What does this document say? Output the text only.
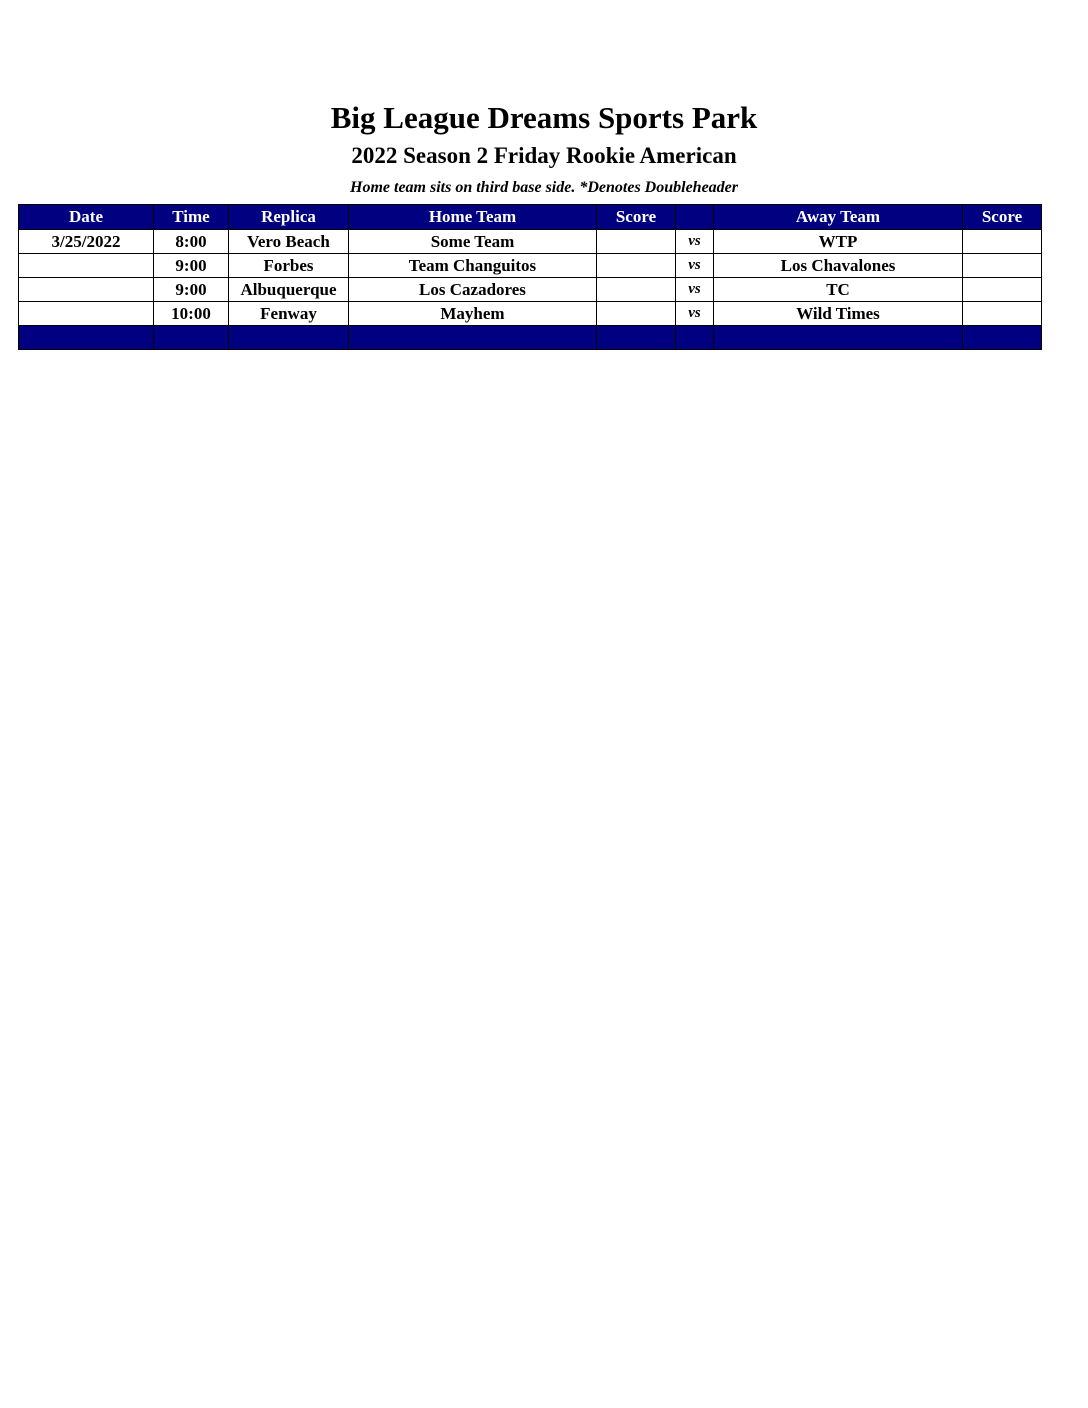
Big League Dreams Sports Park
2022 Season 2 Friday Rookie American
Home team sits on third base side. *Denotes Doubleheader
Date	Time	Replica	Home Team	Score		Away Team	Score
3/25/2022	8:00	Vero Beach	Some Team		vs	WTP	
	9:00	Forbes	Team Changuitos		vs	Los Chavalones	
	9:00	Albuquerque	Los Cazadores		vs	TC	
	10:00	Fenway	Mayhem		vs	Wild Times	
